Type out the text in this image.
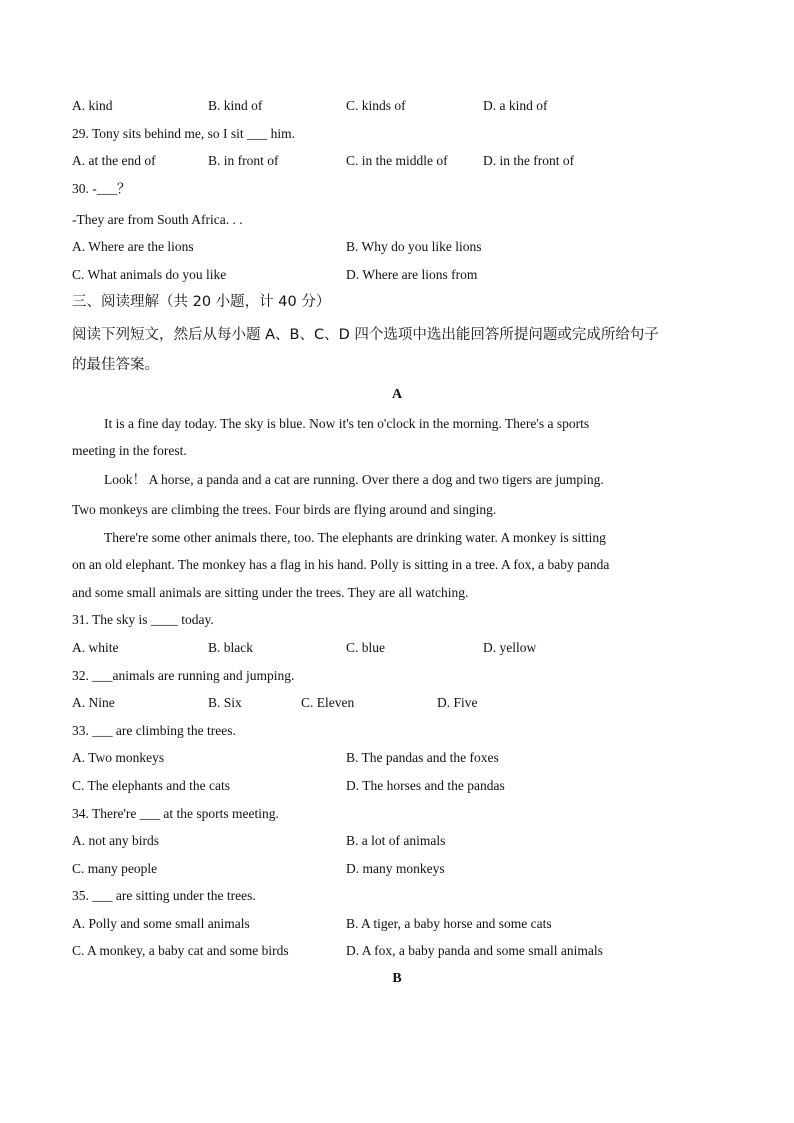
A. kind	B. kind of	C. kinds of	D. a kind of
29. Tony sits behind me, so I sit ___ him.
A. at the end of	B. in front of	C. in the middle of	D. in the front of
30. -___？
-They are from South Africa. . .
A. Where are the lions	B. Why do you like lions
C. What animals do you like	D. Where are lions from
三、阅读理解（共 20 小题，计 40 分）
阅读下列短文，然后从每小题 A、B、C、D 四个选项中选出能回答所提问题或完成所给句子
的最佳答案。
A
It is a fine day today. The sky is blue. Now it's ten o'clock in the morning. There's a sports
meeting in the forest.
Look！ A horse, a panda and a cat are running. Over there a dog and two tigers are jumping.
Two monkeys are climbing the trees. Four birds are flying around and singing.
There're some other animals there, too. The elephants are drinking water. A monkey is sitting
on an old elephant. The monkey has a flag in his hand. Polly is sitting in a tree. A fox, a baby panda
and some small animals are sitting under the trees. They are all watching.
31. The sky is ____ today.
A. white	B. black	C. blue	D. yellow
32. ___animals are running and jumping.
A. Nine	B. Six	C. Eleven	D. Five
33. ___ are climbing the trees.
A. Two monkeys	B. The pandas and the foxes
C. The elephants and the cats	D. The horses and the pandas
34. There're ___ at the sports meeting.
A. not any birds	B. a lot of animals
C. many people	D. many monkeys
35. ___ are sitting under the trees.
A. Polly and some small animals	B. A tiger, a baby horse and some cats
C. A monkey, a baby cat and some birds	D. A fox, a baby panda and some small animals
B
